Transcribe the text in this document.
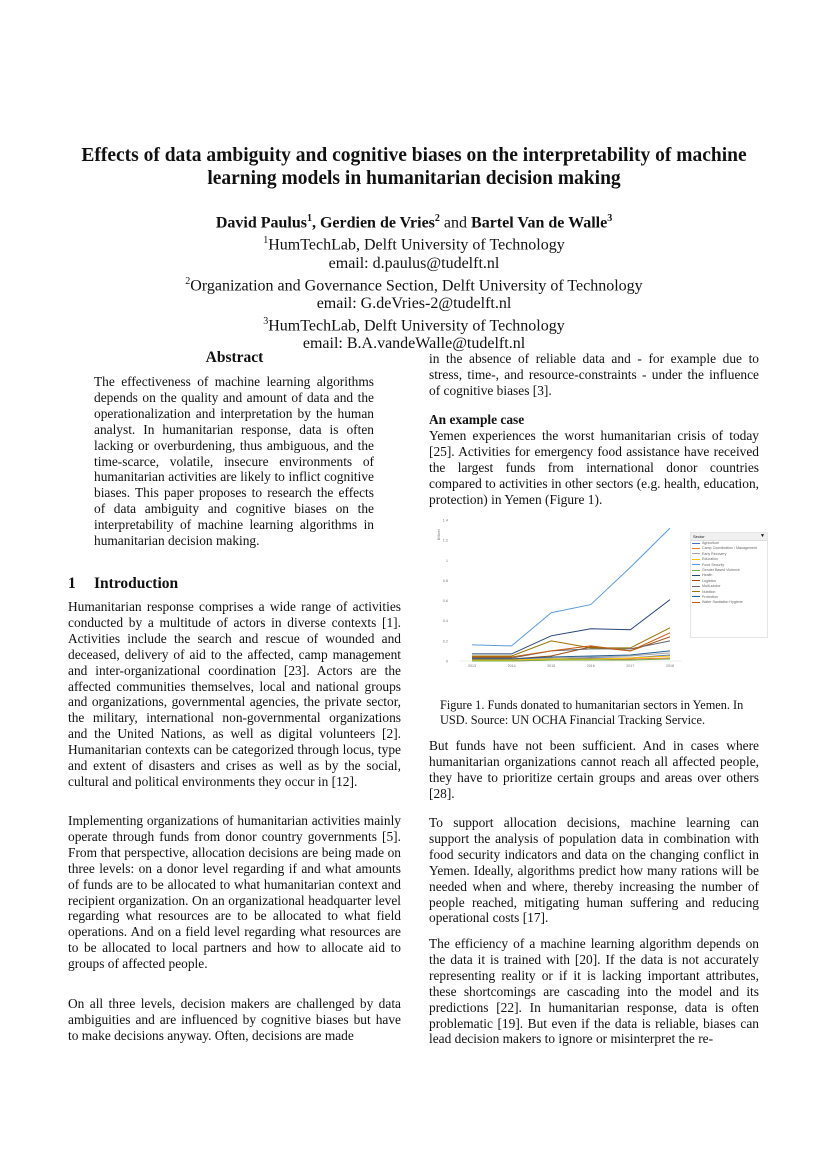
Effects of data ambiguity and cognitive biases on the interpretability of machine learning models in humanitarian decision making
David Paulus$^1$, Gerdien de Vries$^2$ and Bartel Van de Walle$^3$
$^1$HumTechLab, Delft University of Technology
email: d.paulus@tudelft.nl
$^2$Organization and Governance Section, Delft University of Technology
email: G.deVries-2@tudelft.nl
$^3$HumTechLab, Delft University of Technology
email: B.A.vandeWalle@tudelft.nl
Abstract

The effectiveness of machine learning algorithms depends on the quality and amount of data and the operationalization and interpretation by the human analyst. In humanitarian response, data is often lacking or overburdening, thus ambiguous, and the time-scarce, volatile, insecure environments of humanitarian activities are likely to inflict cognitive biases. This paper proposes to research the effects of data ambiguity and cognitive biases on the interpretability of machine learning algorithms in humanitarian decision making.

1 Introduction

Humanitarian response comprises a wide range of activities conducted by a multitude of actors in diverse contexts [1]. Activities include the search and rescue of wounded and deceased, delivery of aid to the affected, camp management and inter-organizational coordination [23]. Actors are the affected communities themselves, local and national groups and organizations, governmental agencies, the private sector, the military, international non-governmental organizations and the United Nations, as well as digital volunteers [2]. Humanitarian contexts can be categorized through locus, type and extent of disasters and crises as well as by the social, cultural and political environments they occur in [12].

Implementing organizations of humanitarian activities mainly operate through funds from donor country governments [5]. From that perspective, allocation decisions are being made on three levels: on a donor level regarding if and what amounts of funds are to be allocated to what humanitarian context and recipient organization. On an organizational headquarter level regarding what resources are to be allocated to what field operations. And on a field level regarding what resources are to be allocated to local partners and how to allocate aid to groups of affected people.

On all three levels, decision makers are challenged by data ambiguities and are influenced by cognitive biases but have to make decisions anyway. Often, decisions are made

in the absence of reliable data and - for example due to stress, time-, and resource-constraints - under the influence of cognitive biases [3].

An example case

Yemen experiences the worst humanitarian crisis of today [25]. Activities for emergency food assistance have received the largest funds from international donor countries compared to activities in other sectors (e.g. health, education, protection) in Yemen (Figure 1).

Billions
0
0.2
0.4
0.6
0.8
1
1.2
1.4
2013	2014	2015	2016	2017	2018
Sector	▼
Agriculture
Camp Coordination / Management
Early Recovery
Education
Food Security
Gender Based Violence
Health
Logistics
Multi-sector
Nutrition
Protection
Water Sanitation Hygiene
Figure 1. Funds donated to humanitarian sectors in Yemen. In USD. Source: UN OCHA Financial Tracking Service.

But funds have not been sufficient. And in cases where humanitarian organizations cannot reach all affected people, they have to prioritize certain groups and areas over others [28].

To support allocation decisions, machine learning can support the analysis of population data in combination with food security indicators and data on the changing conflict in Yemen. Ideally, algorithms predict how many rations will be needed when and where, thereby increasing the number of people reached, mitigating human suffering and reducing operational costs [17].

The efficiency of a machine learning algorithm depends on the data it is trained with [20]. If the data is not accurately representing reality or if it is lacking important attributes, these shortcomings are cascading into the model and its predictions [22]. In humanitarian response, data is often problematic [19]. But even if the data is reliable, biases can lead decision makers to ignore or misinterpret the re-
